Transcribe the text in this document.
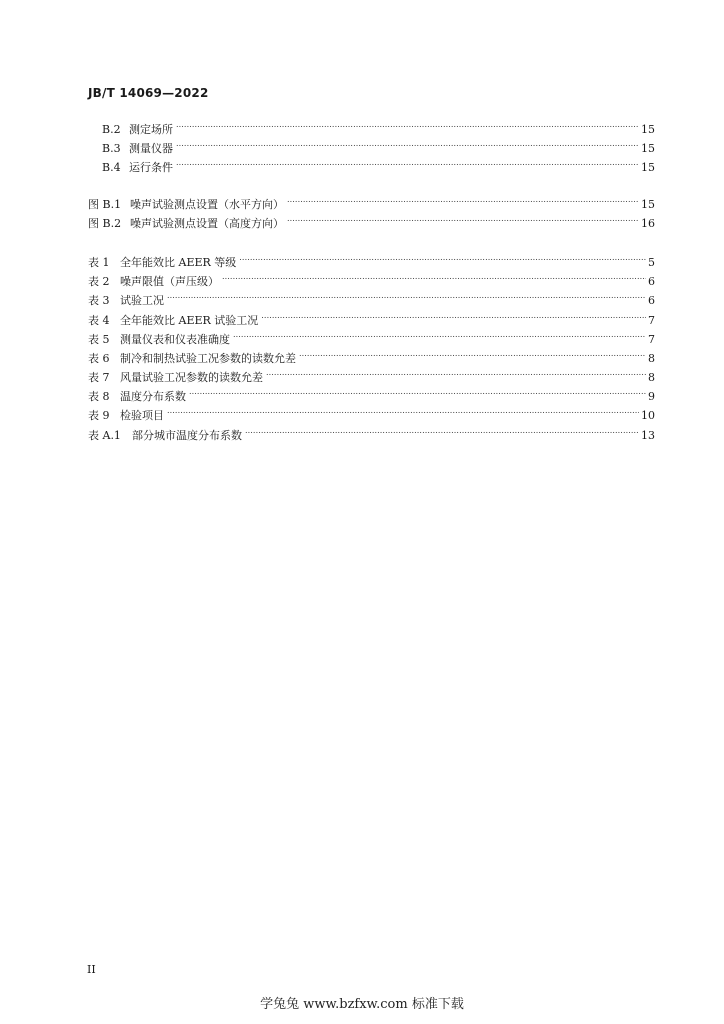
JB/T 14069—2022
B.2 测定场所 .....	15
B.3 测量仪器 .....	15
B.4 运行条件 .....	15
图 B.1 噪声试验测点设置（水平方向） .....	15
图 B.2 噪声试验测点设置（高度方向） .....	16
表 1 全年能效比 AEER 等级 .....	5
表 2 噪声限值（声压级） .....	6
表 3 试验工况 .....	6
表 4 全年能效比 AEER 试验工况 .....	7
表 5 测量仪表和仪表准确度 .....	7
表 6 制冷和制热试验工况参数的读数允差 .....	8
表 7 风量试验工况参数的读数允差 .....	8
表 8 温度分布系数 .....	9
表 9 检验项目 .....	10
表 A.1	部分城市温度分布系数 .....	13
II
学兔兔 www.bzfxw.com 标准下载
